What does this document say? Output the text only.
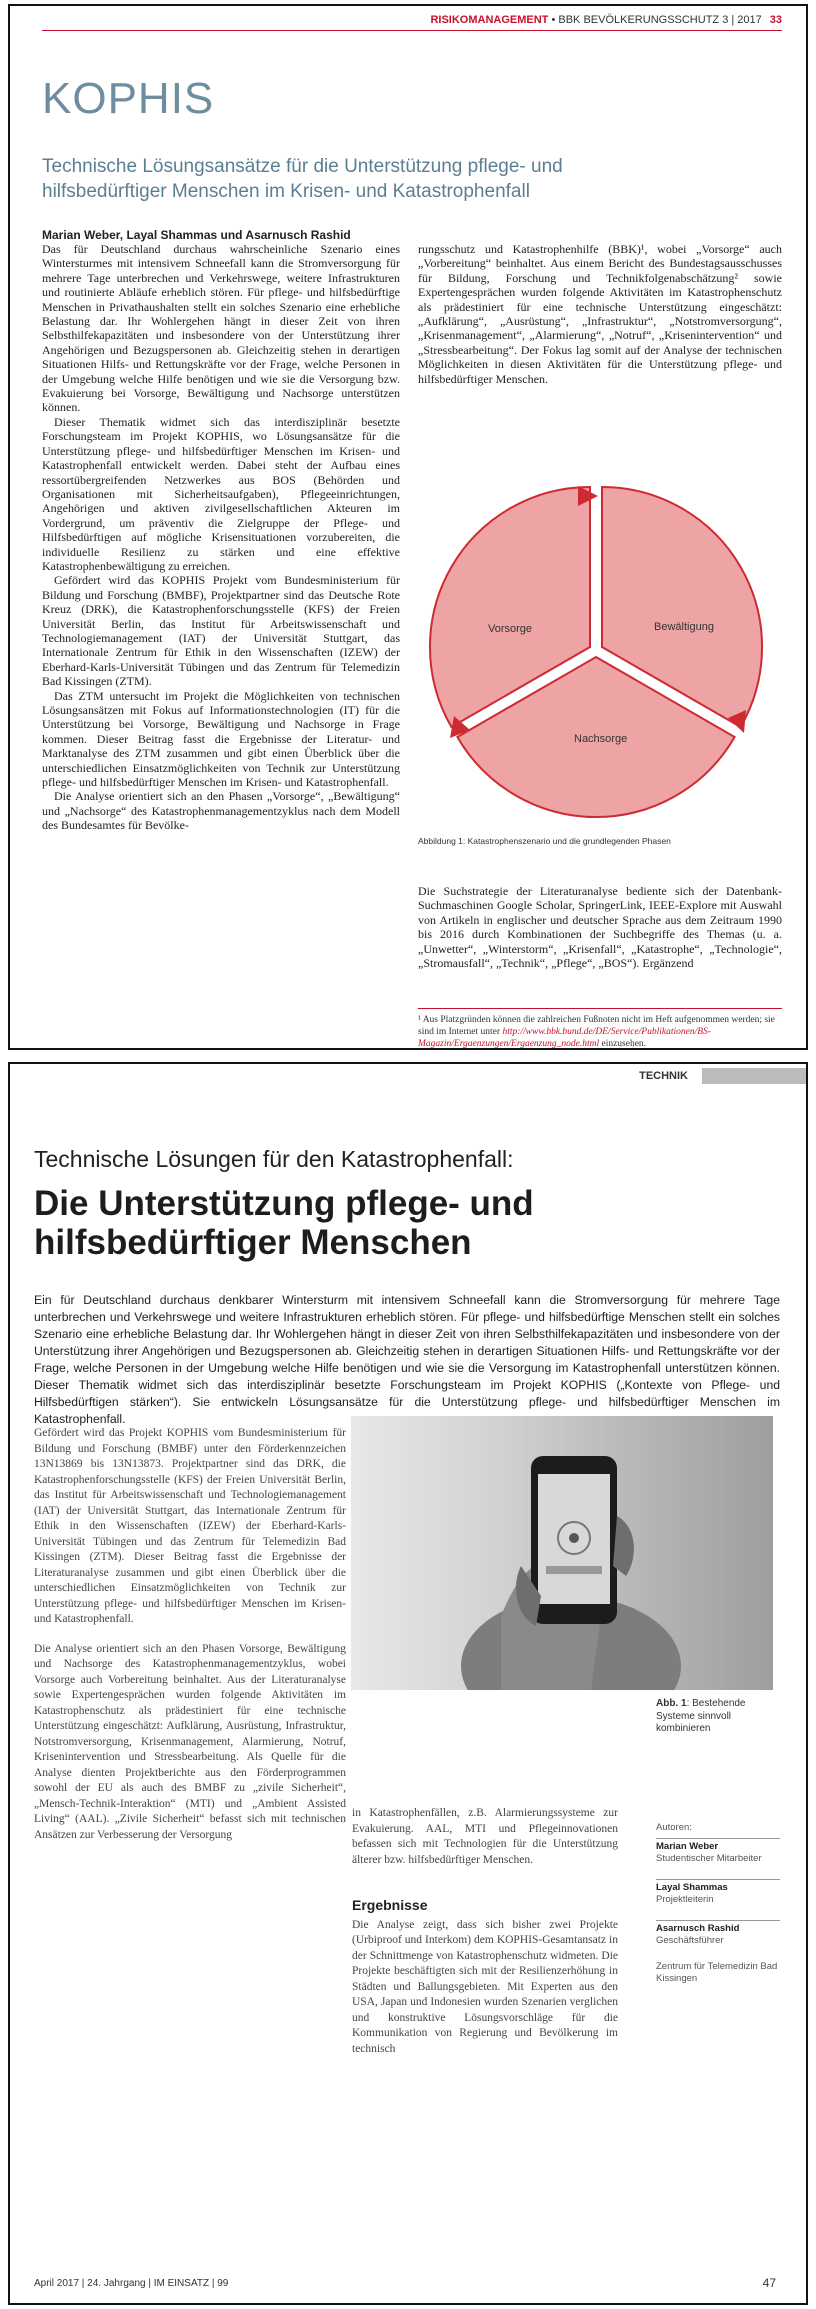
RISIKOMANAGEMENT • BBK BEVÖLKERUNGSSCHUTZ 3 | 2017 33
KOPHIS
Technische Lösungsansätze für die Unterstützung pflege- und hilfsbedürftiger Menschen im Krisen- und Katastrophenfall
Marian Weber, Layal Shammas und Asarnusch Rashid

Das für Deutschland durchaus wahrscheinliche Szenario eines Wintersturmes mit intensivem Schneefall kann die Stromversorgung für mehrere Tage unterbrechen und Verkehrswege, weitere Infrastrukturen und routinierte Abläufe erheblich stören. Für pflege- und hilfsbedürftige Menschen in Privathaushalten stellt ein solches Szenario eine erhebliche Belastung dar. Ihr Wohlergehen hängt in dieser Zeit von ihren Selbsthilfekapazitäten und insbesondere von der Unterstützung ihrer Angehörigen und Bezugspersonen ab. Gleichzeitig stehen in derartigen Situationen Hilfs- und Rettungskräfte vor der Frage, welche Personen in der Umgebung welche Hilfe benötigen und wie sie die Versorgung bzw. Evakuierung bei Vorsorge, Bewältigung und Nachsorge unterstützen können.

Dieser Thematik widmet sich das interdisziplinär besetzte Forschungsteam im Projekt KOPHIS, wo Lösungsansätze für die Unterstützung pflege- und hilfsbedürftiger Menschen im Krisen- und Katastrophenfall entwickelt werden. Dabei steht der Aufbau eines ressortübergreifenden Netzwerkes aus BOS (Behörden und Organisationen mit Sicherheitsaufgaben), Pflegeeinrichtungen, Angehörigen und aktiven zivilgesellschaftlichen Akteuren im Vordergrund, um präventiv die Zielgruppe der Pflege- und Hilfsbedürftigen auf mögliche Krisensituationen vorzubereiten, die individuelle Resilienz zu stärken und eine effektive Katastrophenbewältigung zu erreichen.

Gefördert wird das KOPHIS Projekt vom Bundesministerium für Bildung und Forschung (BMBF), Projektpartner sind das Deutsche Rote Kreuz (DRK), die Katastrophenforschungsstelle (KFS) der Freien Universität Berlin, das Institut für Arbeitswissenschaft und Technologiemanagement (IAT) der Universität Stuttgart, das Internationale Zentrum für Ethik in den Wissenschaften (IZEW) der Eberhard-Karls-Universität Tübingen und das Zentrum für Telemedizin Bad Kissingen (ZTM).

Das ZTM untersucht im Projekt die Möglichkeiten von technischen Lösungsansätzen mit Fokus auf Informationstechnologien (IT) für die Unterstützung bei Vorsorge, Bewältigung und Nachsorge in Frage kommen. Dieser Beitrag fasst die Ergebnisse der Literatur- und Marktanalyse des ZTM zusammen und gibt einen Überblick über die unterschiedlichen Einsatzmöglichkeiten von Technik zur Unterstützung pflege- und hilfsbedürftiger Menschen im Krisen- und Katastrophenfall.

Die Analyse orientiert sich an den Phasen „Vorsorge“, „Bewältigung“ und „Nachsorge“ des Katastrophenmanagementzyklus nach dem Modell des Bundesamtes für Bevölke-

rungsschutz und Katastrophenhilfe (BBK)¹, wobei „Vorsorge“ auch „Vorbereitung“ beinhaltet. Aus einem Bericht des Bundestagsausschusses für Bildung, Forschung und Technikfolgenabschätzung² sowie Expertengesprächen wurden folgende Aktivitäten im Katastrophenschutz als prädestiniert für eine technische Unterstützung eingeschätzt: „Aufklärung“, „Ausrüstung“, „Infrastruktur“, „Notstromversorgung“, „Krisenmanagement“, „Alarmierung“, „Notruf“, „Krisenintervention“ und „Stressbearbeitung“. Der Fokus lag somit auf der Analyse der technischen Möglichkeiten in diesen Aktivitäten für die Unterstützung pflege- und hilfsbedürftiger Menschen.

Vorsorge	Bewältigung
Nachsorge
Abbildung 1: Katastrophenszenario und die grundlegenden Phasen

Die Suchstrategie der Literaturanalyse bediente sich der Datenbank-Suchmaschinen Google Scholar, SpringerLink, IEEE-Explore mit Auswahl von Artikeln in englischer und deutscher Sprache aus dem Zeitraum 1990 bis 2016 durch Kombinationen der Suchbegriffe des Themas (u. a. „Unwetter“, „Winterstorm“, „Krisenfall“, „Katastrophe“, „Technologie“, „Stromausfall“, „Technik“, „Pflege“, „BOS“). Ergänzend

¹ Aus Platzgründen können die zahlreichen Fußnoten nicht im Heft aufgenommen werden; sie sind im Internet unter http://www.bbk.bund.de/DE/Service/Publikationen/BS-Magazin/Ergaenzungen/Ergaenzung_node.html einzusehen.
TECHNIK
Technische Lösungen für den Katastrophenfall:
Die Unterstützung pflege- und hilfsbedürftiger Menschen
Ein für Deutschland durchaus denkbarer Wintersturm mit intensivem Schneefall kann die Stromversorgung für mehrere Tage unterbrechen und Verkehrswege und weitere Infrastrukturen erheblich stören. Für pflege- und hilfsbedürftige Menschen stellt ein solches Szenario eine erhebliche Belastung dar. Ihr Wohlergehen hängt in dieser Zeit von ihren Selbsthilfekapazitäten und insbesondere von der Unterstützung ihrer Angehörigen und Bezugspersonen ab. Gleichzeitig stehen in derartigen Situationen Hilfs- und Rettungskräfte vor der Frage, welche Personen in der Umgebung welche Hilfe benötigen und wie sie die Versorgung im Katastrophenfall unterstützen können. Dieser Thematik widmet sich das interdisziplinär besetzte Forschungsteam im Projekt KOPHIS („Kontexte von Pflege- und Hilfsbedürftigen stärken“). Sie entwickeln Lösungsansätze für die Unterstützung pflege- und hilfsbedürftiger Menschen im Katastrophenfall.

Gefördert wird das Projekt KOPHIS vom Bundesministerium für Bildung und Forschung (BMBF) unter den Förderkennzeichen 13N13869 bis 13N13873. Projektpartner sind das DRK, die Katastrophenforschungsstelle (KFS) der Freien Universität Berlin, das Institut für Arbeitswissenschaft und Technologiemanagement (IAT) der Universität Stuttgart, das Internationale Zentrum für Ethik in den Wissenschaften (IZEW) der Eberhard-Karls-Universität Tübingen und das Zentrum für Telemedizin Bad Kissingen (ZTM). Dieser Beitrag fasst die Ergebnisse der Literaturanalyse zusammen und gibt einen Überblick über die unterschiedlichen Einsatzmöglichkeiten von Technik zur Unterstützung pflege- und hilfsbedürftiger Menschen im Krisen- und Katastrophenfall.

Die Analyse orientiert sich an den Phasen Vorsorge, Bewältigung und Nachsorge des Katastrophenmanagementzyklus, wobei Vorsorge auch Vorbereitung beinhaltet. Aus der Literaturanalyse sowie Expertengesprächen wurden folgende Aktivitäten im Katastrophenschutz als prädestiniert für eine technische Unterstützung eingeschätzt: Aufklärung, Ausrüstung, Infrastruktur, Notstromversorgung, Krisenmanagement, Alarmierung, Notruf, Krisenintervention und Stressbearbeitung. Als Quelle für die Analyse dienten Projektberichte aus den Förderprogrammen sowohl der EU als auch des BMBF zu „zivile Sicherheit“, „Mensch-Technik-Interaktion“ (MTI) und „Ambient Assisted Living“ (AAL). „Zivile Sicherheit“ befasst sich mit technischen Ansätzen zur Verbesserung der Versorgung

Abb. 1: Bestehende Systeme sinnvoll kombinieren

in Katastrophenfällen, z.B. Alarmierungssysteme zur Evakuierung. AAL, MTI und Pflegeinnovationen befassen sich mit Technologien für die Unterstützung älterer bzw. hilfsbedürftiger Menschen.

Ergebnisse

Die Analyse zeigt, dass sich bisher zwei Projekte (Urbiproof und Interkom) dem KOPHIS-Gesamtansatz in der Schnittmenge von Katastrophenschutz widmeten. Die Projekte beschäftigten sich mit der Resilienzerhöhung in Städten und Ballungsgebieten. Mit Experten aus den USA, Japan und Indonesien wurden Szenarien verglichen und konstruktive Lösungsvorschläge für die Kommunikation von Regierung und Bevölkerung im technisch

Autoren:
Marian Weber
Studentischer Mitarbeiter
Layal Shammas
Projektleiterin
Asarnusch Rashid
Geschäftsführer
Zentrum für Telemedizin Bad Kissingen
April 2017 | 24. Jahrgang | IM EINSATZ | 99	47
